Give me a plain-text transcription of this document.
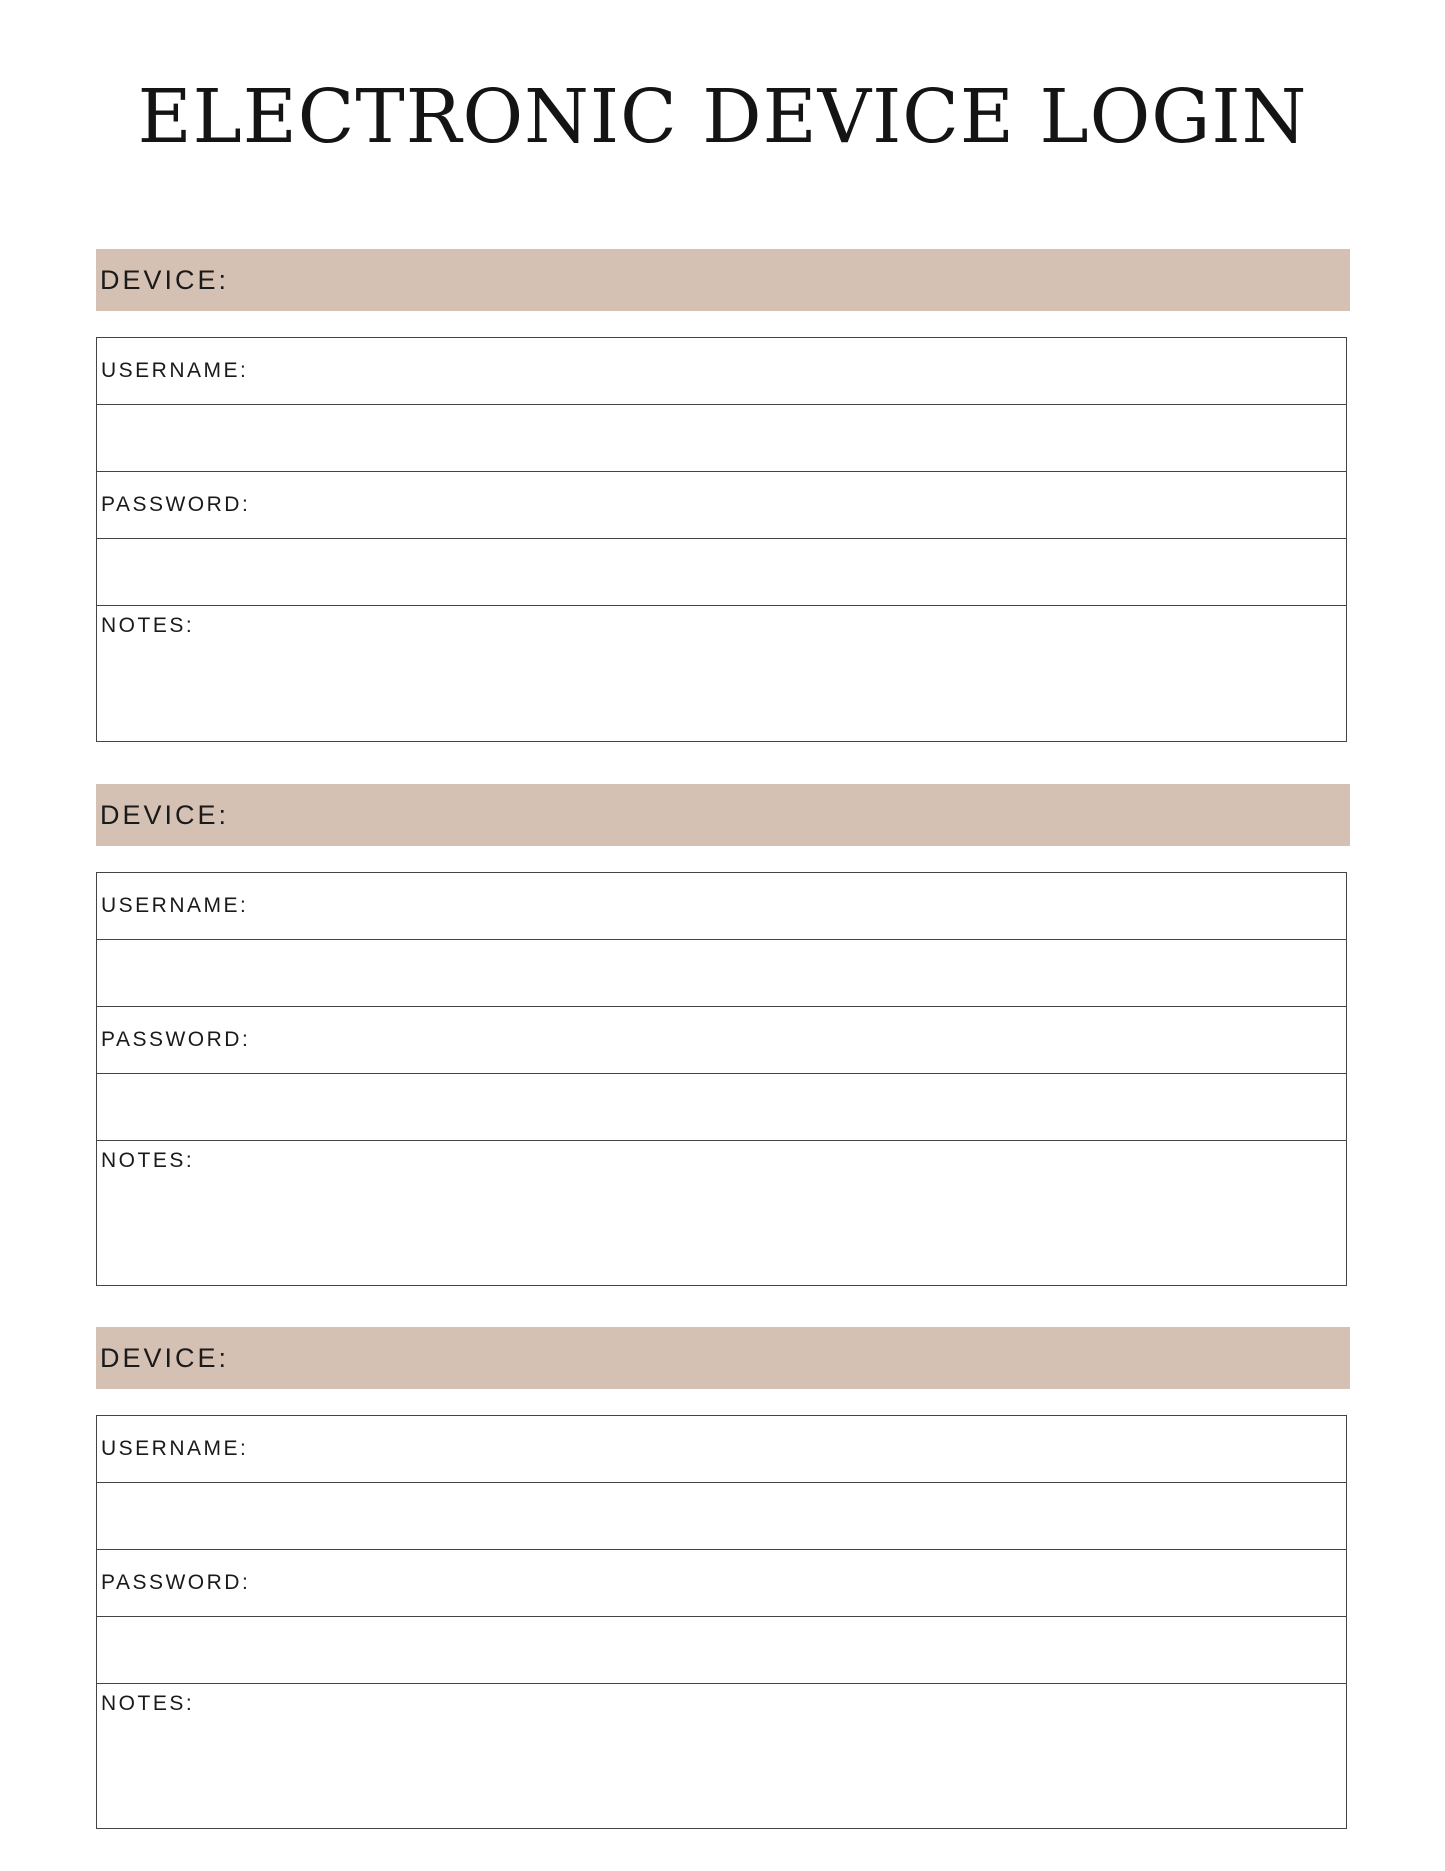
ELECTRONIC DEVICE LOGIN
DEVICE:
USERNAME:
PASSWORD:
NOTES:
DEVICE:
USERNAME:
PASSWORD:
NOTES:
DEVICE:
USERNAME:
PASSWORD:
NOTES:
